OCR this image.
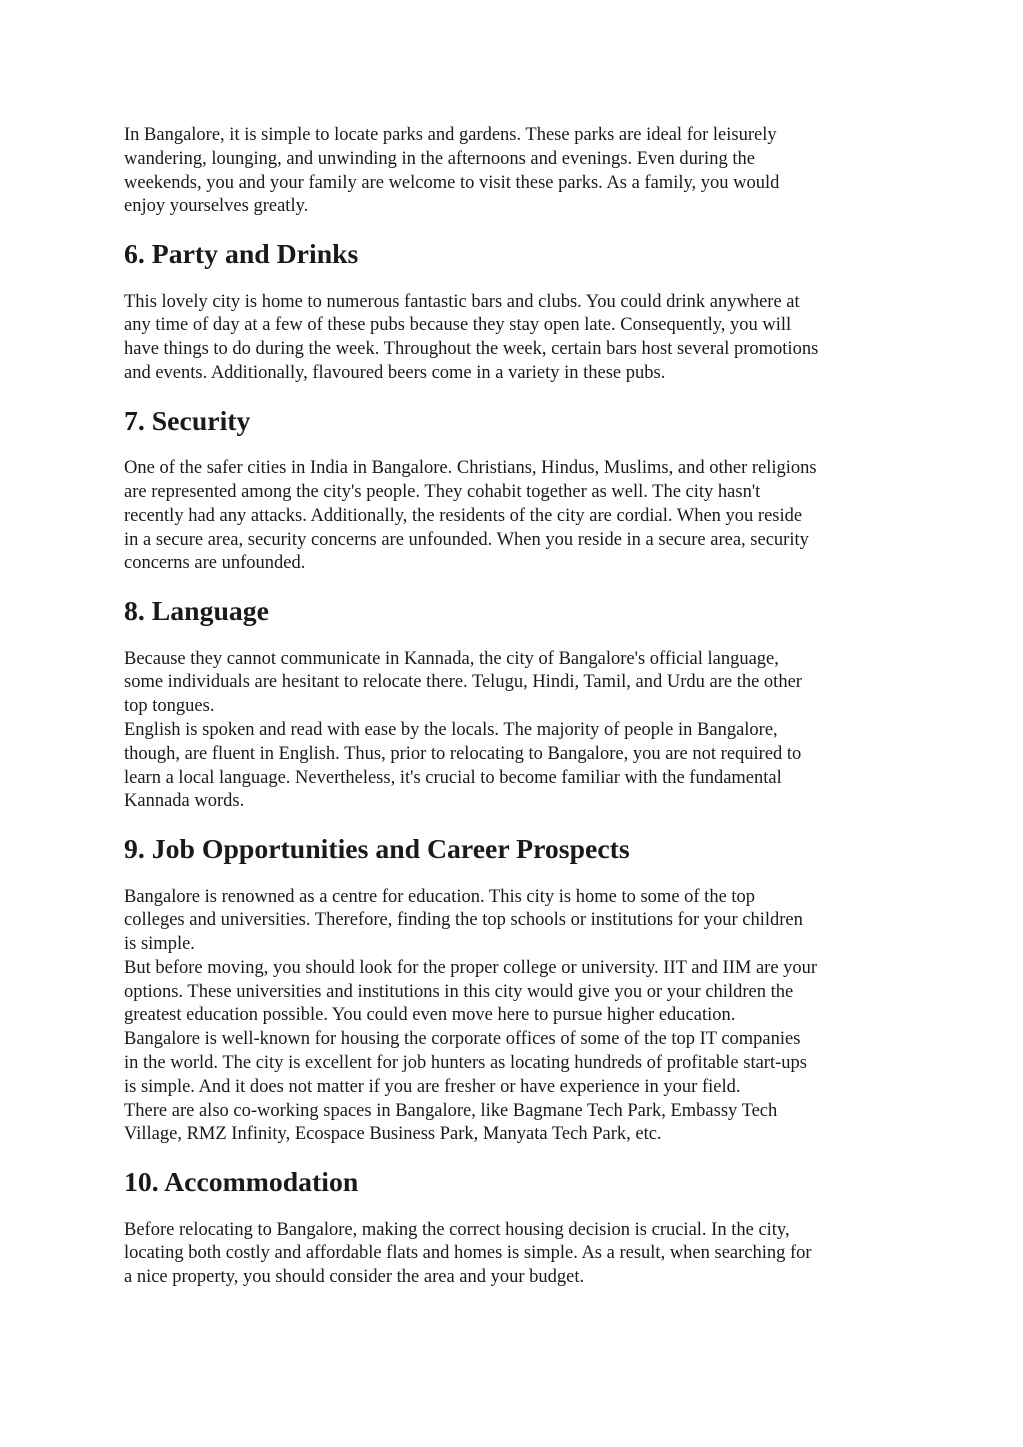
In Bangalore, it is simple to locate parks and gardens. These parks are ideal for leisurely
wandering, lounging, and unwinding in the afternoons and evenings. Even during the
weekends, you and your family are welcome to visit these parks. As a family, you would
enjoy yourselves greatly.

6. Party and Drinks

This lovely city is home to numerous fantastic bars and clubs. You could drink anywhere at
any time of day at a few of these pubs because they stay open late. Consequently, you will
have things to do during the week. Throughout the week, certain bars host several promotions
and events. Additionally, flavoured beers come in a variety in these pubs.

7. Security

One of the safer cities in India in Bangalore. Christians, Hindus, Muslims, and other religions
are represented among the city's people. They cohabit together as well. The city hasn't
recently had any attacks. Additionally, the residents of the city are cordial. When you reside
in a secure area, security concerns are unfounded. When you reside in a secure area, security
concerns are unfounded.

8. Language

Because they cannot communicate in Kannada, the city of Bangalore's official language,
some individuals are hesitant to relocate there. Telugu, Hindi, Tamil, and Urdu are the other
top tongues.
English is spoken and read with ease by the locals. The majority of people in Bangalore,
though, are fluent in English. Thus, prior to relocating to Bangalore, you are not required to
learn a local language. Nevertheless, it's crucial to become familiar with the fundamental
Kannada words.

9. Job Opportunities and Career Prospects

Bangalore is renowned as a centre for education. This city is home to some of the top
colleges and universities. Therefore, finding the top schools or institutions for your children
is simple.
But before moving, you should look for the proper college or university. IIT and IIM are your
options. These universities and institutions in this city would give you or your children the
greatest education possible. You could even move here to pursue higher education.
Bangalore is well-known for housing the corporate offices of some of the top IT companies
in the world. The city is excellent for job hunters as locating hundreds of profitable start-ups
is simple. And it does not matter if you are fresher or have experience in your field.
There are also co-working spaces in Bangalore, like Bagmane Tech Park, Embassy Tech
Village, RMZ Infinity, Ecospace Business Park, Manyata Tech Park, etc.

10. Accommodation

Before relocating to Bangalore, making the correct housing decision is crucial. In the city,
locating both costly and affordable flats and homes is simple. As a result, when searching for
a nice property, you should consider the area and your budget.
